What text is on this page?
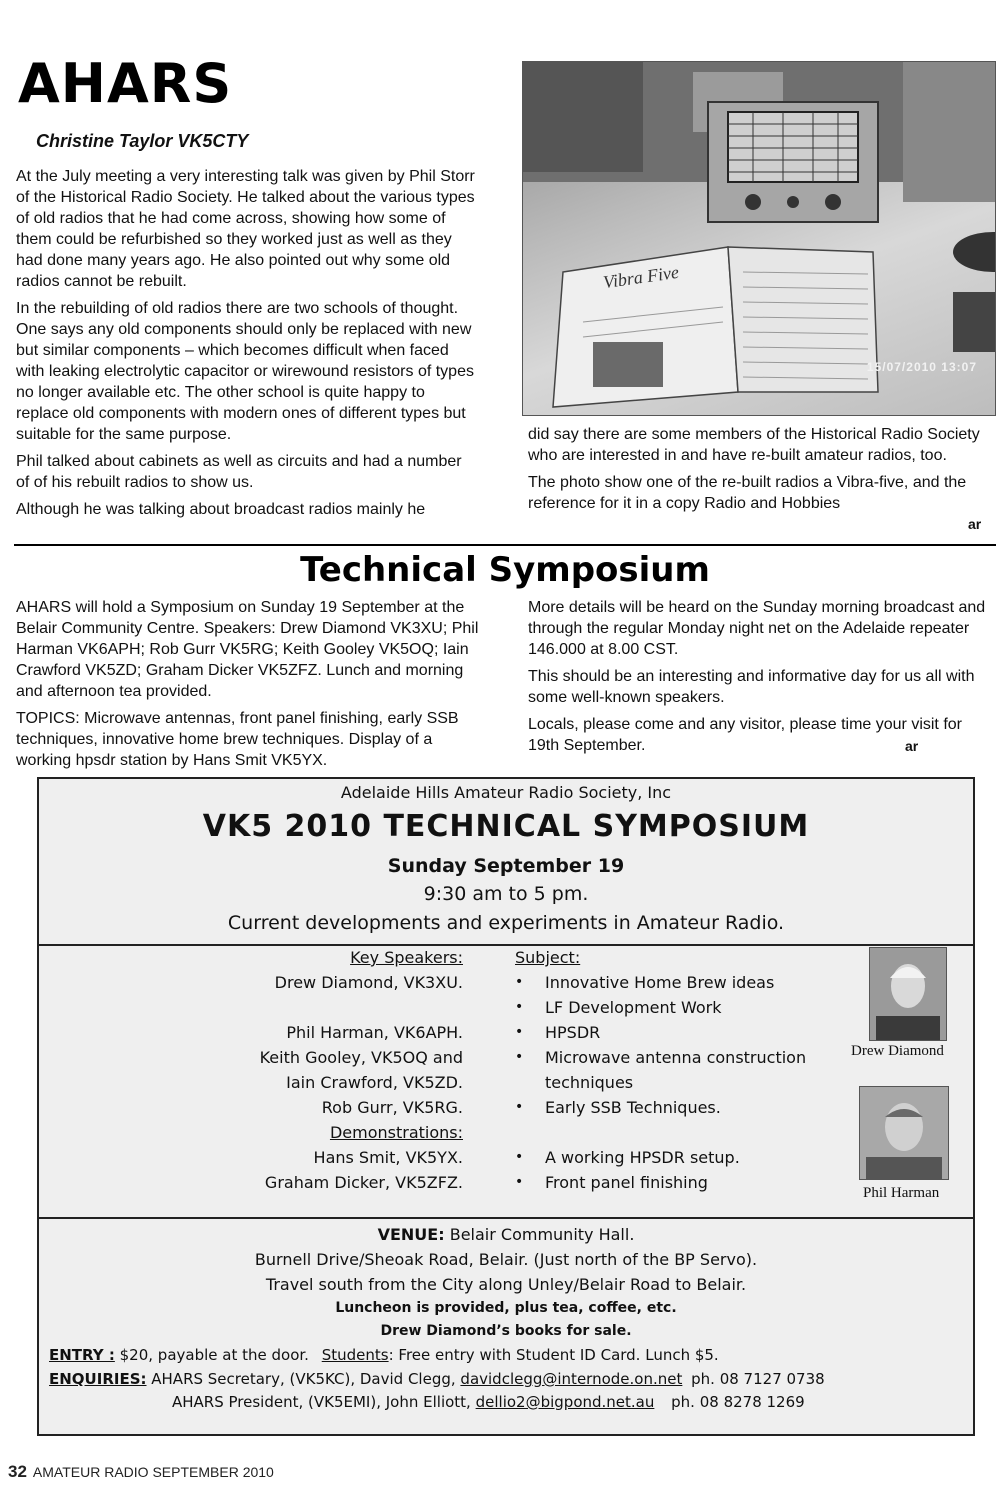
AHARS
Christine Taylor VK5CTY

At the July meeting a very interesting talk was given by Phil Storr of the Historical Radio Society. He talked about the various types of old radios that he had come across, showing how some of them could be refurbished so they worked just as well as they had done many years ago. He also pointed out why some old radios cannot be rebuilt.

In the rebuilding of old radios there are two schools of thought. One says any old components should only be replaced with new but similar components – which becomes difficult when faced with leaking electrolytic capacitor or wirewound resistors of types no longer available etc. The other school is quite happy to replace old components with modern ones of different types but suitable for the same purpose.

Phil talked about cabinets as well as circuits and had a number of of his rebuilt radios to show us.

Although he was talking about broadcast radios mainly he

Vibra Five
15/07/2010 13:07

did say there are some members of the Historical Radio Society who are interested in and have re-built amateur radios, too.

The photo show one of the re-built radios a Vibra-five, and the reference for it in a copy Radio and Hobbies

ar
Technical Symposium

AHARS will hold a Symposium on Sunday 19 September at the Belair Community Centre. Speakers: Drew Diamond VK3XU; Phil Harman VK6APH; Rob Gurr VK5RG; Keith Gooley VK5OQ; Iain Crawford VK5ZD; Graham Dicker VK5ZFZ. Lunch and morning and afternoon tea provided.

TOPICS: Microwave antennas, front panel finishing, early SSB techniques, innovative home brew techniques. Display of a working hpsdr station by Hans Smit VK5YX.

More details will be heard on the Sunday morning broadcast and through the regular Monday night net on the Adelaide repeater 146.000 at 8.00 CST.

This should be an interesting and informative day for us all with some well-known speakers.

Locals, please come and any visitor, please time your visit for 19th September.	ar
Adelaide Hills Amateur Radio Society, Inc
VK5 2010 TECHNICAL SYMPOSIUM
Sunday September 19
9:30 am to 5 pm.
Current developments and experiments in Amateur Radio.
Key Speakers:	Subject:
Drew Diamond, VK3XU.	• Innovative Home Brew ideas
• LF Development Work
Phil Harman, VK6APH.	• HPSDR
Keith Gooley, VK5OQ and	• Microwave antenna construction
Iain Crawford, VK5ZD.	techniques
Rob Gurr, VK5RG.	• Early SSB Techniques.
Demonstrations:
Hans Smit, VK5YX.	• A working HPSDR setup.
Graham Dicker, VK5ZFZ.	• Front panel finishing
Drew Diamond
Phil Harman
VENUE: Belair Community Hall.
Burnell Drive/Sheoak Road, Belair. (Just north of the BP Servo).
Travel south from the City along Unley/Belair Road to Belair.
Luncheon is provided, plus tea, coffee, etc.
Drew Diamond’s books for sale.
ENTRY : $20, payable at the door. Students: Free entry with Student ID Card. Lunch $5.
ENQUIRIES: AHARS Secretary, (VK5KC), David Clegg, davidclegg@internode.on.net ph. 08 7127 0738
AHARS President, (VK5EMI), John Elliott, dellio2@bigpond.net.au ph. 08 8278 1269
32 AMATEUR RADIO SEPTEMBER 2010
